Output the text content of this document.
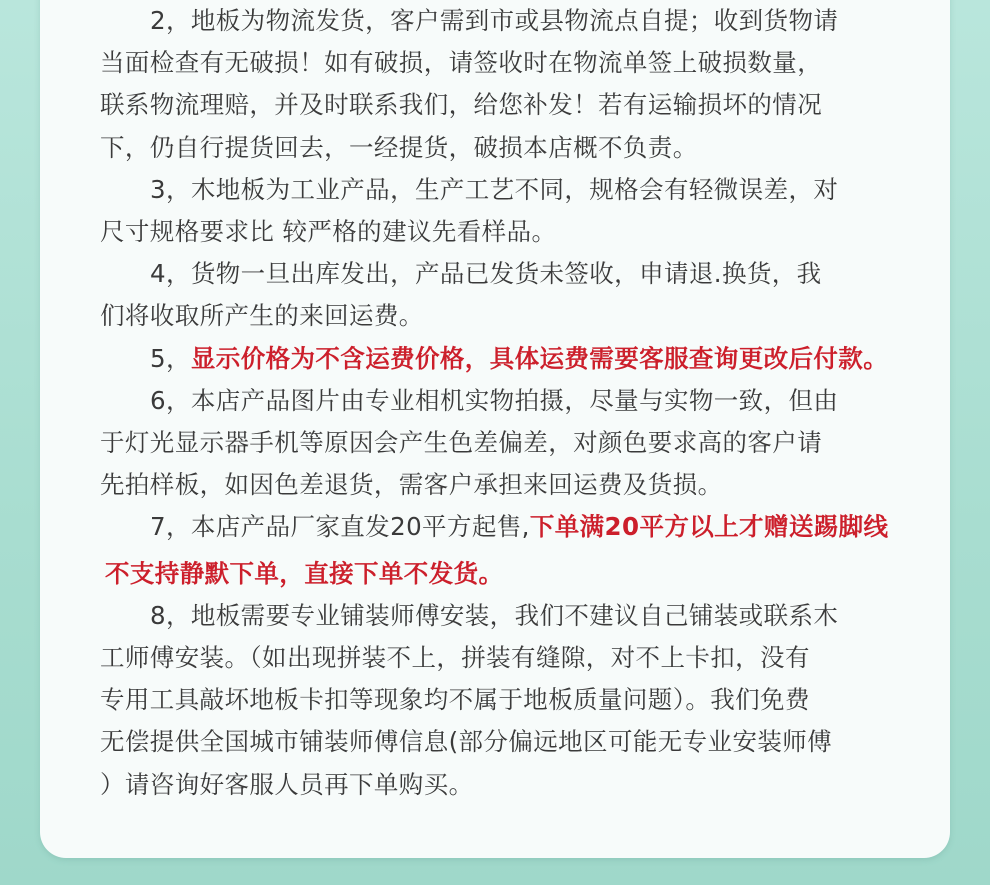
2，地板为物流发货，客户需到市或县物流点自提；收到货物请
当面检查有无破损！如有破损，请签收时在物流单签上破损数量，
联系物流理赔，并及时联系我们，给您补发！若有运输损坏的情况
下，仍自行提货回去，一经提货，破损本店概不负责。
3，木地板为工业产品，生产工艺不同，规格会有轻微误差，对
尺寸规格要求比 较严格的建议先看样品。
4，货物一旦出库发出，产品已发货未签收，申请退.换货，我
们将收取所产生的来回运费。
5，显示价格为不含运费价格，具体运费需要客服查询更改后付款。
6，本店产品图片由专业相机实物拍摄，尽量与实物一致，但由
于灯光显示器手机等原因会产生色差偏差，对颜色要求高的客户请
先拍样板，如因色差退货，需客户承担来回运费及货损。
7，本店产品厂家直发20平方起售,下单满20平方以上才赠送踢脚线
不支持静默下单，直接下单不发货。
8，地板需要专业铺装师傅安装，我们不建议自己铺装或联系木
工师傅安装。（如出现拼装不上，拼装有缝隙，对不上卡扣，没有
专用工具敲坏地板卡扣等现象均不属于地板质量问题）。我们免费
无偿提供全国城市铺装师傅信息(部分偏远地区可能无专业安装师傅
）请咨询好客服人员再下单购买。
